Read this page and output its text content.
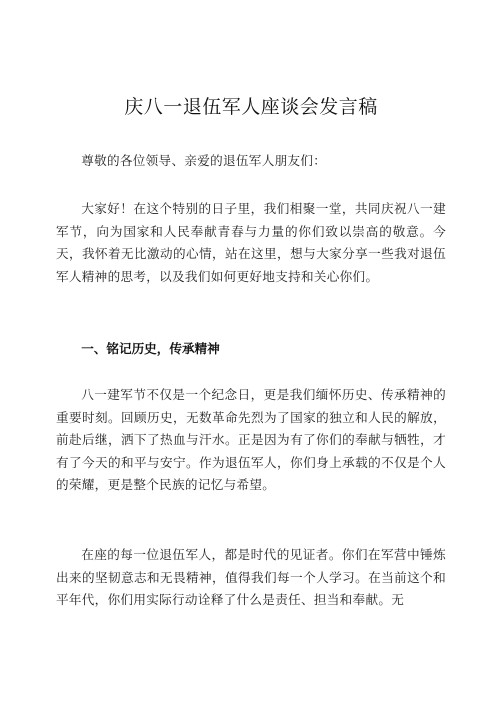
庆八一退伍军人座谈会发言稿

尊敬的各位领导、亲爱的退伍军人朋友们：

大家好！在这个特别的日子里，我们相聚一堂，共同庆祝八一建军节，向为国家和人民奉献青春与力量的你们致以崇高的敬意。今天，我怀着无比激动的心情，站在这里，想与大家分享一些我对退伍军人精神的思考，以及我们如何更好地支持和关心你们。

一、铭记历史，传承精神

八一建军节不仅是一个纪念日，更是我们缅怀历史、传承精神的重要时刻。回顾历史，无数革命先烈为了国家的独立和人民的解放，前赴后继，洒下了热血与汗水。正是因为有了你们的奉献与牺牲，才有了今天的和平与安宁。作为退伍军人，你们身上承载的不仅是个人的荣耀，更是整个民族的记忆与希望。

在座的每一位退伍军人，都是时代的见证者。你们在军营中锤炼出来的坚韧意志和无畏精神，值得我们每一个人学习。在当前这个和平年代，你们用实际行动诠释了什么是责任、担当和奉献。无
